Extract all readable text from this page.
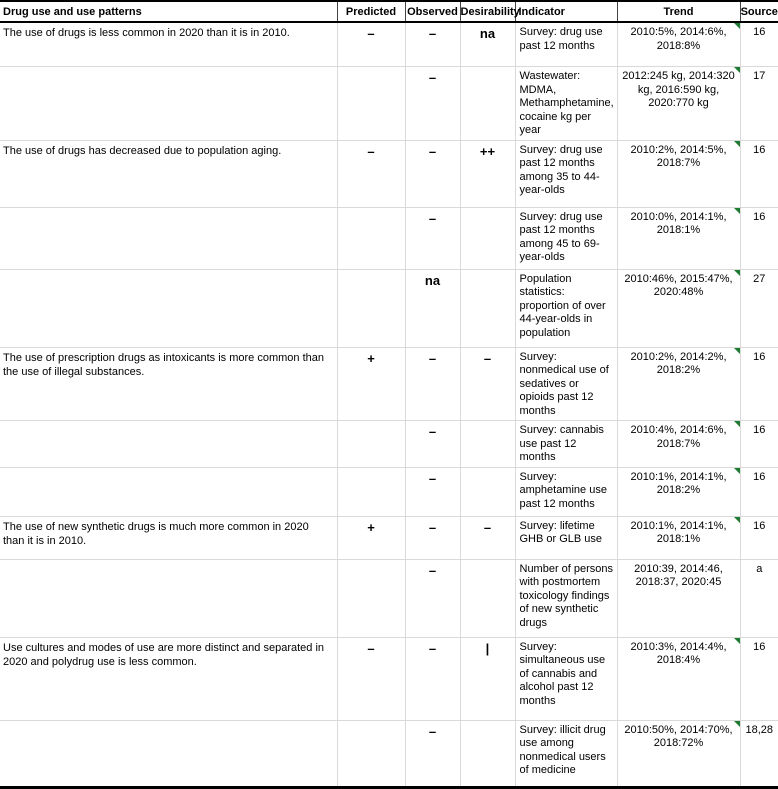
Drug use and use patterns	Predicted	Observed	Desirability	Indicator	Trend	Source
The use of drugs is less common in 2020 than it is in 2010.	–	–	na	Survey: drug use past 12 months	2010:5%, 2014:6%, 2018:8%	16
		–		Wastewater: MDMA, Methamphetamine, cocaine kg per year	2012:245 kg, 2014:320 kg, 2016:590 kg, 2020:770 kg	17
The use of drugs has decreased due to population aging.	–	–	++	Survey: drug use past 12 months among 35 to 44-year-olds	2010:2%, 2014:5%, 2018:7%	16
		–		Survey: drug use past 12 months among 45 to 69-year-olds	2010:0%, 2014:1%, 2018:1%	16
		na		Population statistics: proportion of over 44-year-olds in population	2010:46%, 2015:47%, 2020:48%	27
The use of prescription drugs as intoxicants is more common than the use of illegal substances.	+	–	–	Survey: nonmedical use of sedatives or opioids past 12 months	2010:2%, 2014:2%, 2018:2%	16
		–		Survey: cannabis use past 12 months	2010:4%, 2014:6%, 2018:7%	16
		–		Survey: amphetamine use past 12 months	2010:1%, 2014:1%, 2018:2%	16
The use of new synthetic drugs is much more common in 2020 than it is in 2010.	+	–	–	Survey: lifetime GHB or GLB use	2010:1%, 2014:1%, 2018:1%	16
		–		Number of persons with postmortem toxicology findings of new synthetic drugs	2010:39, 2014:46, 2018:37, 2020:45	a
Use cultures and modes of use are more distinct and separated in 2020 and polydrug use is less common.	–	–	|	Survey: simultaneous use of cannabis and alcohol past 12 months	2010:3%, 2014:4%, 2018:4%	16
		–		Survey: illicit drug use among nonmedical users of medicine	2010:50%, 2014:70%, 2018:72%	18,28
